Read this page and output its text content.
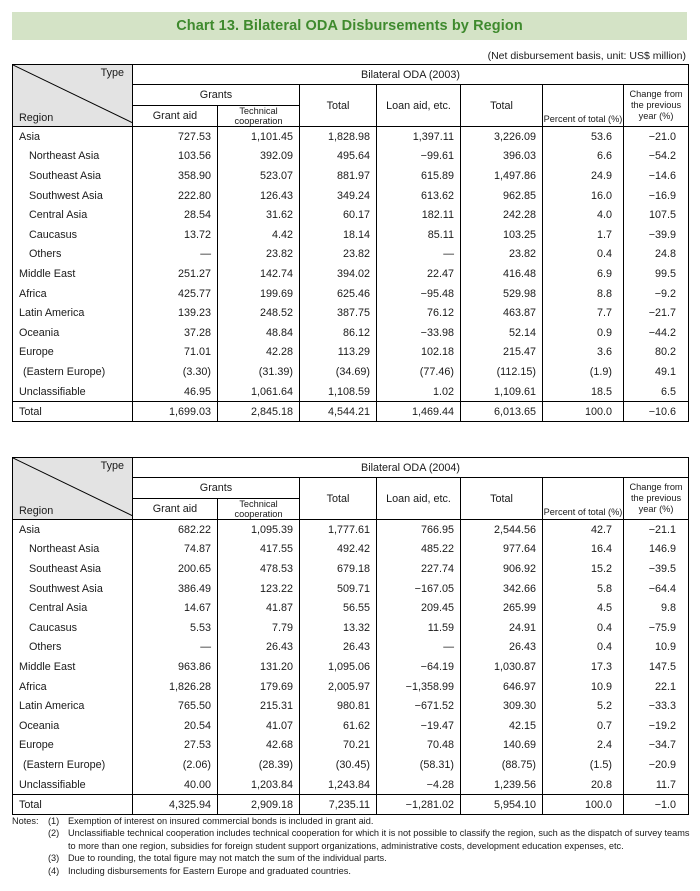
Chart 13. Bilateral ODA Disbursements by Region
(Net disbursement basis, unit: US$ million)
Type
Region	Bilateral ODA (2003)						
	Grants		Total	Loan aid, etc.	Total	Percent of total (%)	Change from the previous year (%)
	Grant aid	Technical cooperation					
Asia	727.53	1,101.45	1,828.98	1,397.11	3,226.09	53.6	−21.0
Northeast Asia	103.56	392.09	495.64	−99.61	396.03	6.6	−54.2
Southeast Asia	358.90	523.07	881.97	615.89	1,497.86	24.9	−14.6
Southwest Asia	222.80	126.43	349.24	613.62	962.85	16.0	−16.9
Central Asia	28.54	31.62	60.17	182.11	242.28	4.0	107.5
Caucasus	13.72	4.42	18.14	85.11	103.25	1.7	−39.9
Others	—	23.82	23.82	—	23.82	0.4	24.8
Middle East	251.27	142.74	394.02	22.47	416.48	6.9	99.5
Africa	425.77	199.69	625.46	−95.48	529.98	8.8	−9.2
Latin America	139.23	248.52	387.75	76.12	463.87	7.7	−21.7
Oceania	37.28	48.84	86.12	−33.98	52.14	0.9	−44.2
Europe	71.01	42.28	113.29	102.18	215.47	3.6	80.2
(Eastern Europe)	(3.30)	(31.39)	(34.69)	(77.46)	(112.15)	(1.9)	49.1
Unclassifiable	46.95	1,061.64	1,108.59	1.02	1,109.61	18.5	6.5
Total	1,699.03	2,845.18	4,544.21	1,469.44	6,013.65	100.0	−10.6
Type
Region	Bilateral ODA (2004)						
	Grants		Total	Loan aid, etc.	Total	Percent of total (%)	Change from the previous year (%)
	Grant aid	Technical cooperation					
Asia	682.22	1,095.39	1,777.61	766.95	2,544.56	42.7	−21.1
Northeast Asia	74.87	417.55	492.42	485.22	977.64	16.4	146.9
Southeast Asia	200.65	478.53	679.18	227.74	906.92	15.2	−39.5
Southwest Asia	386.49	123.22	509.71	−167.05	342.66	5.8	−64.4
Central Asia	14.67	41.87	56.55	209.45	265.99	4.5	9.8
Caucasus	5.53	7.79	13.32	11.59	24.91	0.4	−75.9
Others	—	26.43	26.43	—	26.43	0.4	10.9
Middle East	963.86	131.20	1,095.06	−64.19	1,030.87	17.3	147.5
Africa	1,826.28	179.69	2,005.97	−1,358.99	646.97	10.9	22.1
Latin America	765.50	215.31	980.81	−671.52	309.30	5.2	−33.3
Oceania	20.54	41.07	61.62	−19.47	42.15	0.7	−19.2
Europe	27.53	42.68	70.21	70.48	140.69	2.4	−34.7
(Eastern Europe)	(2.06)	(28.39)	(30.45)	(58.31)	(88.75)	(1.5)	−20.9
Unclassifiable	40.00	1,203.84	1,243.84	−4.28	1,239.56	20.8	11.7
Total	4,325.94	2,909.18	7,235.11	−1,281.02	5,954.10	100.0	−1.0
Notes:	(1) Exemption of interest on insured commercial bonds is included in grant aid.
(2) Unclassifiable technical cooperation includes technical cooperation for which it is not possible to classify the region, such as the dispatch of survey teams to more than one region, subsidies for foreign student support organizations, administrative costs, development education expenses, etc.
(3) Due to rounding, the total figure may not match the sum of the individual parts.
(4) Including disbursements for Eastern Europe and graduated countries.
